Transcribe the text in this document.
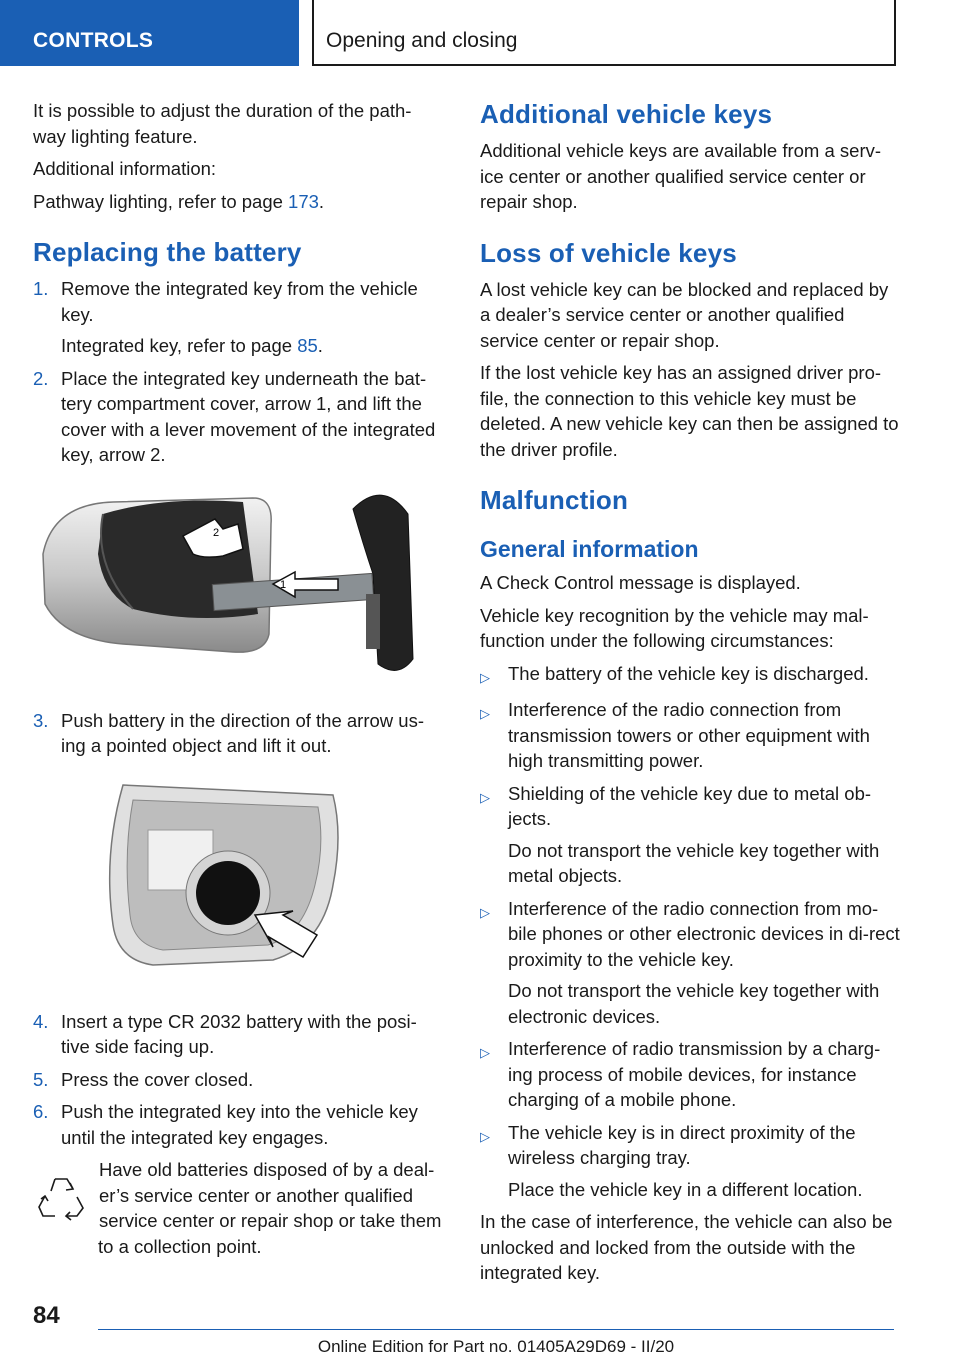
CONTROLS	Opening and closing

It is possible to adjust the duration of the path-way lighting feature.

Additional information:

Pathway lighting, refer to page 173.

Replacing the battery
1. Remove the integrated key from the vehicle key.
Integrated key, refer to page 85.
2. Place the integrated key underneath the bat-tery compartment cover, arrow 1, and lift the cover with a lever movement of the integrated key, arrow 2.
1
2
3. Push battery in the direction of the arrow us-ing a pointed object and lift it out.
4. Insert a type CR 2032 battery with the posi-tive side facing up.
5. Press the cover closed.
6. Push the integrated key into the vehicle key until the integrated key engages.
Have old batteries disposed of by a deal-er’s service center or another qualified service center or repair shop or take them to a collection point.
Additional vehicle keys

Additional vehicle keys are available from a serv-ice center or another qualified service center or repair shop.

Loss of vehicle keys

A lost vehicle key can be blocked and replaced by a dealer’s service center or another qualified service center or repair shop.

If the lost vehicle key has an assigned driver pro-file, the connection to this vehicle key must be deleted. A new vehicle key can then be assigned to the driver profile.

Malfunction
General information

A Check Control message is displayed.

Vehicle key recognition by the vehicle may mal-function under the following circumstances:

▷ The battery of the vehicle key is discharged.
▷ Interference of the radio connection from transmission towers or other equipment with high transmitting power.
▷ Shielding of the vehicle key due to metal ob-jects.
Do not transport the vehicle key together with metal objects.
▷ Interference of the radio connection from mo-bile phones or other electronic devices in di-rect proximity to the vehicle key.
Do not transport the vehicle key together with electronic devices.
▷ Interference of radio transmission by a charg-ing process of mobile devices, for instance charging of a mobile phone.
▷ The vehicle key is in direct proximity of the wireless charging tray.
Place the vehicle key in a different location.

In the case of interference, the vehicle can also be unlocked and locked from the outside with the integrated key.

84
Online Edition for Part no. 01405A29D69 - II/20
